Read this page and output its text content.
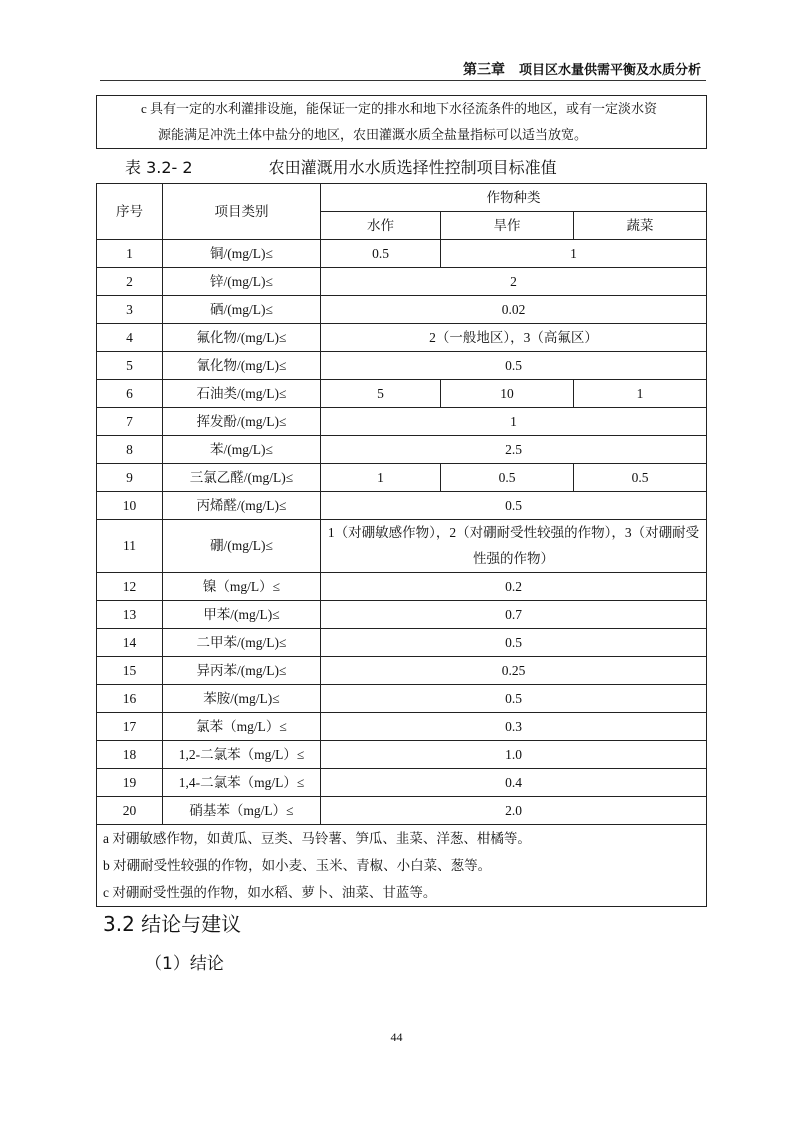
第三章 项目区水量供需平衡及水质分析

c 具有一定的水利灌排设施，能保证一定的排水和地下水径流条件的地区，或有一定淡水资

源能满足冲洗土体中盐分的地区，农田灌溉水质全盐量指标可以适当放宽。

表 3.2- 2	农田灌溉用水水质选择性控制项目标准值
序号	项目类别	作物种类		
		水作	旱作	蔬菜
1	铜/(mg/L)≤	0.5	1	
2	锌/(mg/L)≤	2		
3	硒/(mg/L)≤	0.02		
4	氟化物/(mg/L)≤	2（一般地区），3（高氟区）		
5	氰化物/(mg/L)≤	0.5		
6	石油类/(mg/L)≤	5	10	1
7	挥发酚/(mg/L)≤	1		
8	苯/(mg/L)≤	2.5		
9	三氯乙醛/(mg/L)≤	1	0.5	0.5
10	丙烯醛/(mg/L)≤	0.5		
11	硼/(mg/L)≤	1（对硼敏感作物），2（对硼耐受性较强的作物），3（对硼耐受性强的作物）		
12	镍（mg/L）≤	0.2		
13	甲苯/(mg/L)≤	0.7		
14	二甲苯/(mg/L)≤	0.5		
15	异丙苯/(mg/L)≤	0.25		
16	苯胺/(mg/L)≤	0.5		
17	氯苯（mg/L）≤	0.3		
18	1,2-二氯苯（mg/L）≤	1.0		
19	1,4-二氯苯（mg/L）≤	0.4		
20	硝基苯（mg/L）≤	2.0		
a 对硼敏感作物，如黄瓜、豆类、马铃薯、笋瓜、韭菜、洋葱、柑橘等。				
b 对硼耐受性较强的作物，如小麦、玉米、青椒、小白菜、葱等。				
c 对硼耐受性强的作物，如水稻、萝卜、油菜、甘蓝等。				
3.2 结论与建议
（1）结论
44
